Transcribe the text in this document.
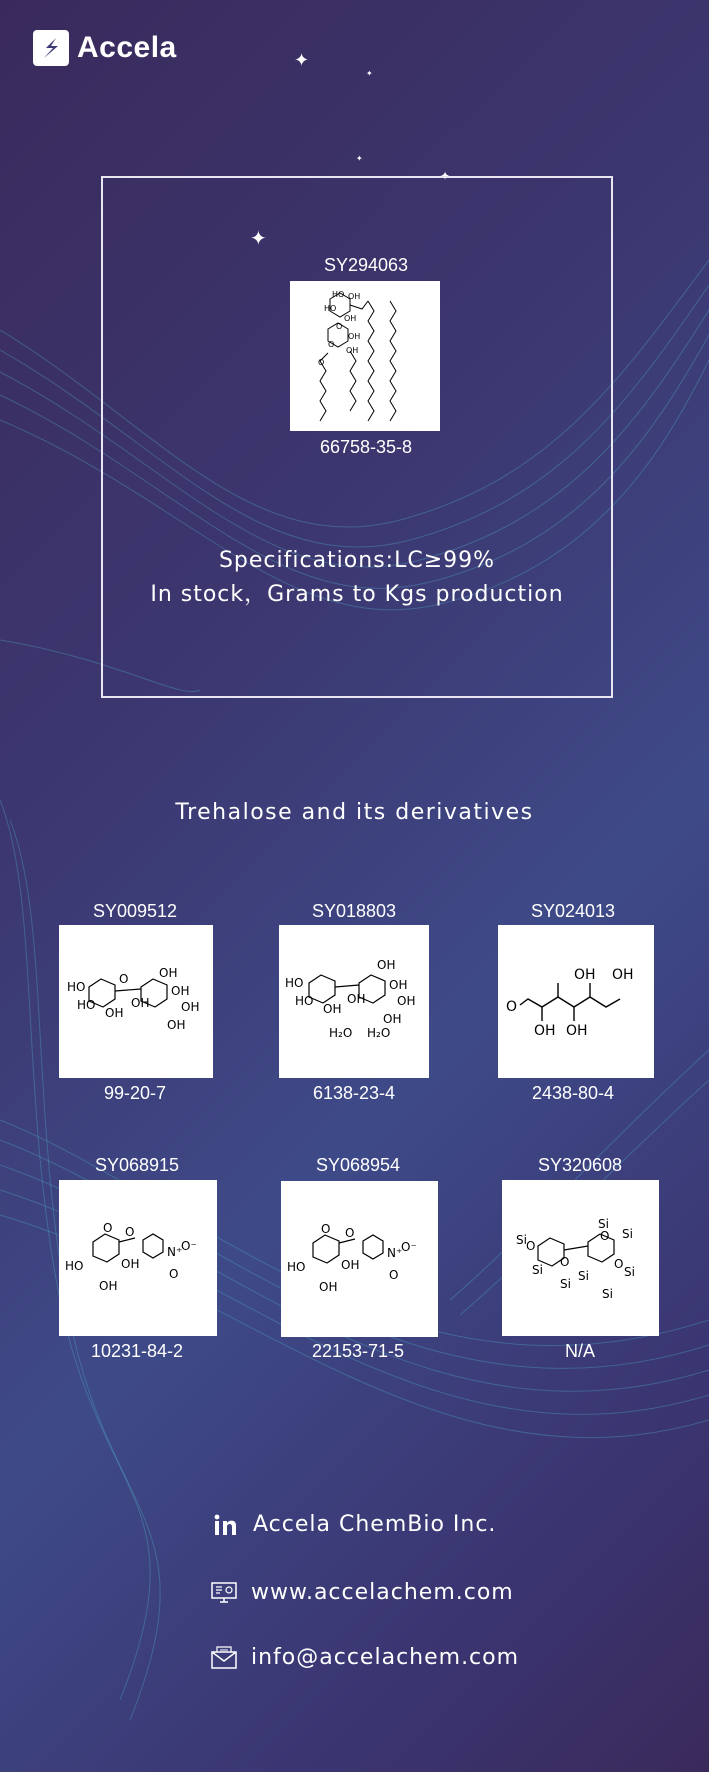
✦
✦
✦
✦
✦
Accela
SY294063
HO OH
HO
OH
O
OH
O
OH
O
66758-35-8
Specifications:LC≥99%
In stock，Grams to Kgs production
Trehalose and its derivatives
SY009512
HO
HO
OH
OH
OH
OH
OH
OH
O
99-20-7
SY018803
HO
HO
OH
OH
OH
OH
OH
OH
H₂O H₂O
6138-23-4
SY024013
O
OH
OH
OH
OH
2438-80-4
SY068915
O O
HO	OH
OH
N⁺
O⁻
O
10231-84-2
SY068954
O O
HO	OH
OH
N⁺
O⁻
O
22153-71-5
SY320608
Si O
Si
O
Si
Si
O Si
Si
O
Si
Si
N/A
Accela ChemBio Inc.
www.accelachem.com
info@accelachem.com
